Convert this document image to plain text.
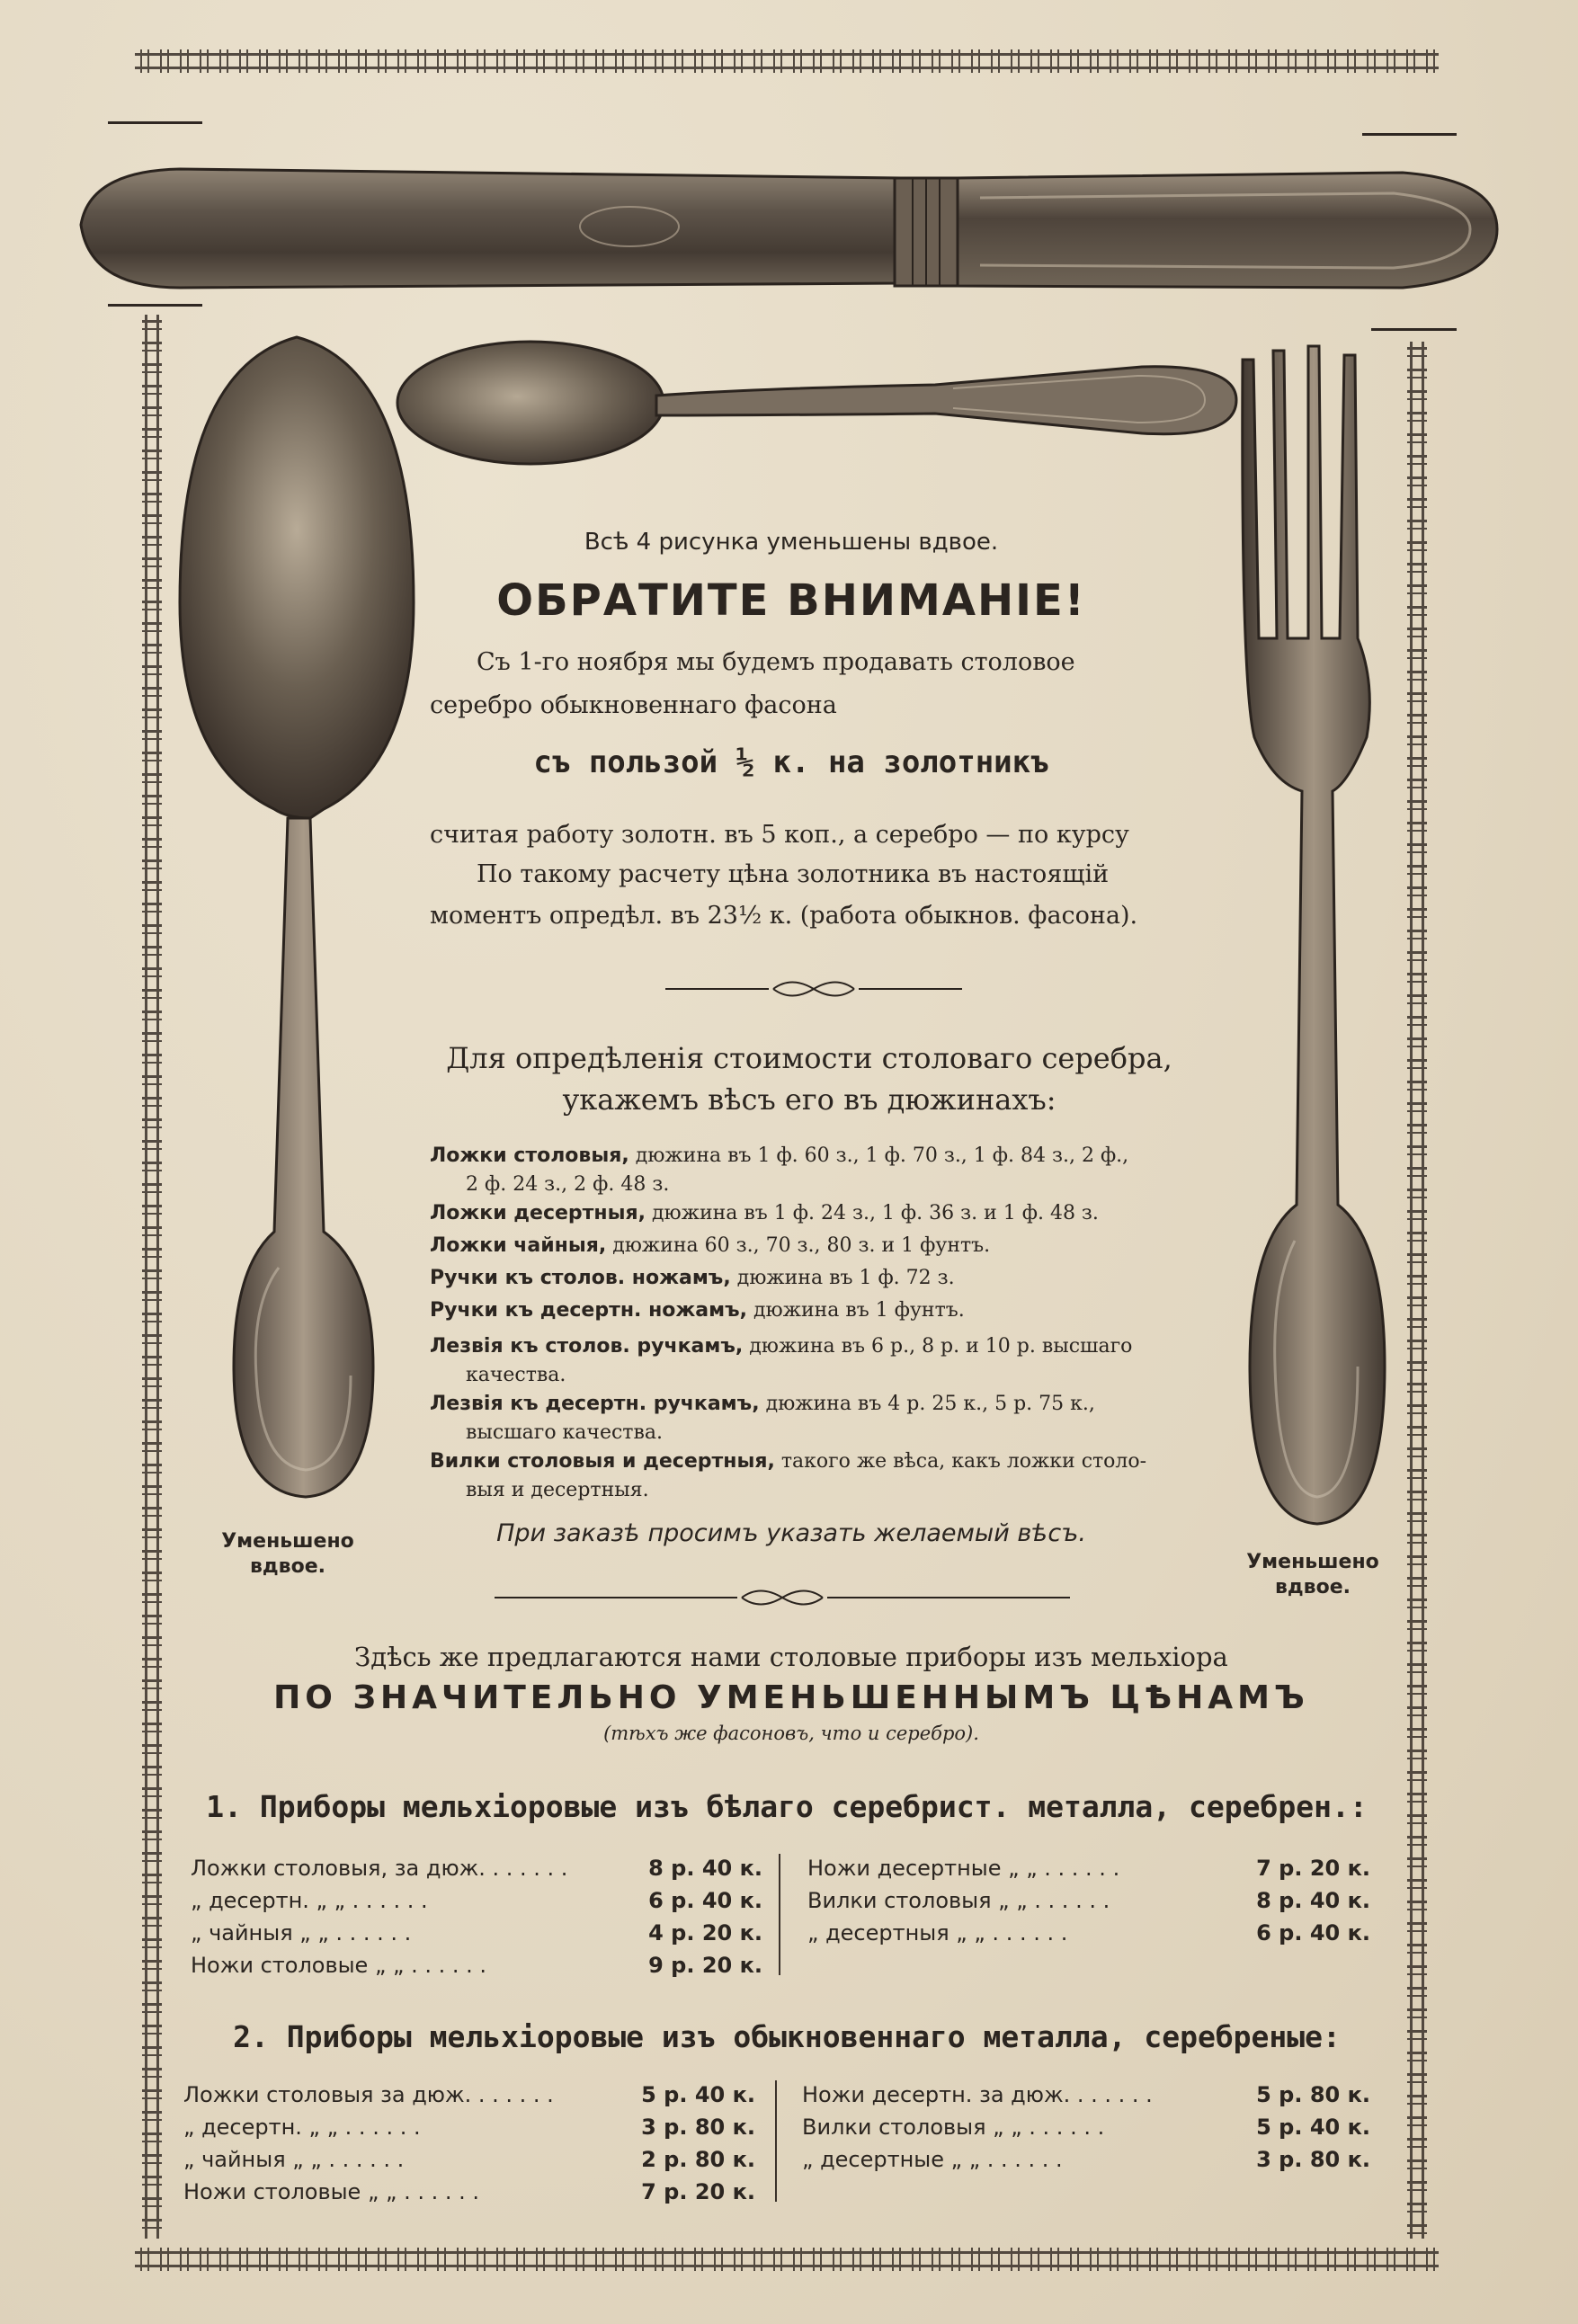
Всѣ 4 рисунка уменьшены вдвое.
ОБРАТИТЕ ВНИМАНІЕ!
Съ 1-го ноября мы будемъ продавать столовое
серебро обыкновеннаго фасона
съ пользой ½ к. на золотникъ
считая работу золотн. въ 5 коп., а серебро — по курсу
По такому расчету цѣна золотника въ настоящій
моментъ опредѣл. въ 23½ к. (работа обыкнов. фасона).
Для опредѣленія стоимости столоваго серебра,
укажемъ вѣсъ его въ дюжинахъ:
Ложки столовыя, дюжина въ 1 ф. 60 з., 1 ф. 70 з., 1 ф. 84 з., 2 ф.,
2 ф. 24 з., 2 ф. 48 з.
Ложки десертныя, дюжина въ 1 ф. 24 з., 1 ф. 36 з. и 1 ф. 48 з.
Ложки чайныя, дюжина 60 з., 70 з., 80 з. и 1 фунтъ.
Ручки къ столов. ножамъ, дюжина въ 1 ф. 72 з.
Ручки къ десертн. ножамъ, дюжина въ 1 фунтъ.
Лезвія къ столов. ручкамъ, дюжина въ 6 р., 8 р. и 10 р. высшаго
качества.
Лезвія къ десертн. ручкамъ, дюжина въ 4 р. 25 к., 5 р. 75 к.,
высшаго качества.
Вилки столовыя и десертныя, такого же вѣса, какъ ложки столо-
выя и десертныя.
При заказѣ просимъ указать желаемый вѣсъ.
Уменьшено
вдвое.	Уменьшено
вдвое.
Здѣсь же предлагаются нами столовые приборы изъ мельхіора
ПО ЗНАЧИТЕЛЬНО УМЕНЬШЕННЫМЪ ЦѢНАМЪ
(тѣхъ же фасоновъ, что и серебро).
1. Приборы мельхіоровые изъ бѣлаго серебрист. металла, серебрен.:
Ложки столовыя, за дюж. . . . . . .	8 р. 40 к.
„ десертн. „ „ . . . . . .	6 р. 40 к.
„ чайныя „ „ . . . . . .	4 р. 20 к.
Ножи столовые „ „ . . . . . .	9 р. 20 к.
Ножи десертные „ „ . . . . . .	7 р. 20 к.
Вилки столовыя „ „ . . . . . .	8 р. 40 к.
„ десертныя „ „ . . . . . .	6 р. 40 к.
2. Приборы мельхіоровые изъ обыкновеннаго металла, серебреные:
Ложки столовыя за дюж. . . . . . .	5 р. 40 к.
„ десертн. „ „ . . . . . .	3 р. 80 к.
„ чайныя „ „ . . . . . .	2 р. 80 к.
Ножи столовые „ „ . . . . . .	7 р. 20 к.
Ножи десертн. за дюж. . . . . . .	5 р. 80 к.
Вилки столовыя „ „ . . . . . .	5 р. 40 к.
„ десертные „ „ . . . . . .	3 р. 80 к.
